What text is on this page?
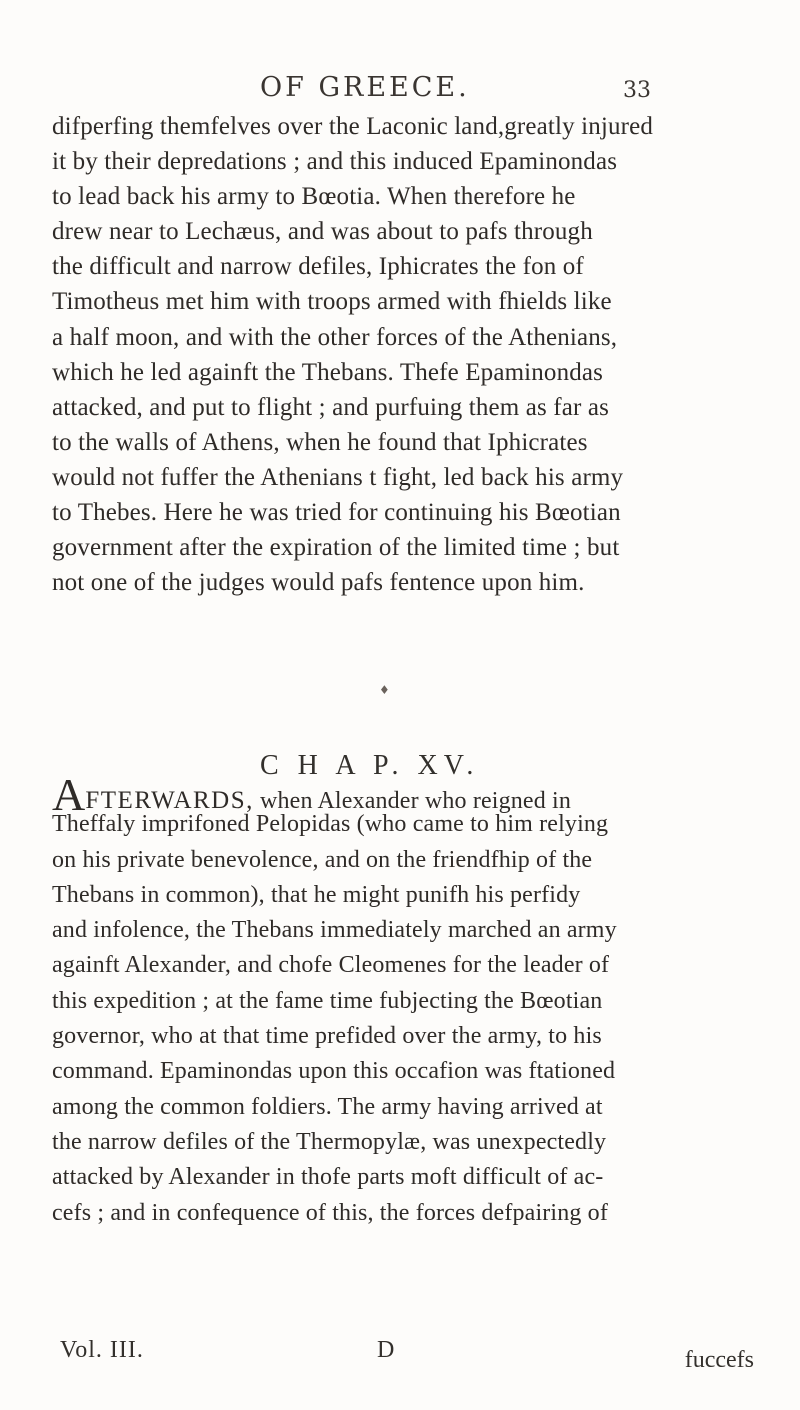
OF GREECE.	33
difperfing themfelves over the Laconic land,greatly injured
it by their depredations ; and this induced Epaminondas
to lead back his army to Bœotia. When therefore he
drew near to Lechæus, and was about to pafs through
the difficult and narrow defiles, Iphicrates the fon of
Timotheus met him with troops armed with fhields like
a half moon, and with the other forces of the Athenians,
which he led againft the Thebans. Thefe Epaminondas
attacked, and put to flight ; and purfuing them as far as
to the walls of Athens, when he found that Iphicrates
would not fuffer the Athenians t fight, led back his army
to Thebes. Here he was tried for continuing his Bœotian
government after the expiration of the limited time ; but
not one of the judges would pafs fentence upon him.
♦
C H A P. XV.
AFTERWARDS, when Alexander who reigned in
Theffaly imprifoned Pelopidas (who came to him relying
on his private benevolence, and on the friendfhip of the
Thebans in common), that he might punifh his perfidy
and infolence, the Thebans immediately marched an army
againft Alexander, and chofe Cleomenes for the leader of
this expedition ; at the fame time fubjecting the Bœotian
governor, who at that time prefided over the army, to his
command. Epaminondas upon this occafion was ftationed
among the common foldiers. The army having arrived at
the narrow defiles of the Thermopylæ, was unexpectedly
attacked by Alexander in thofe parts moft difficult of ac-
cefs ; and in confequence of this, the forces defpairing of
Vol. III.	D	fuccefs
